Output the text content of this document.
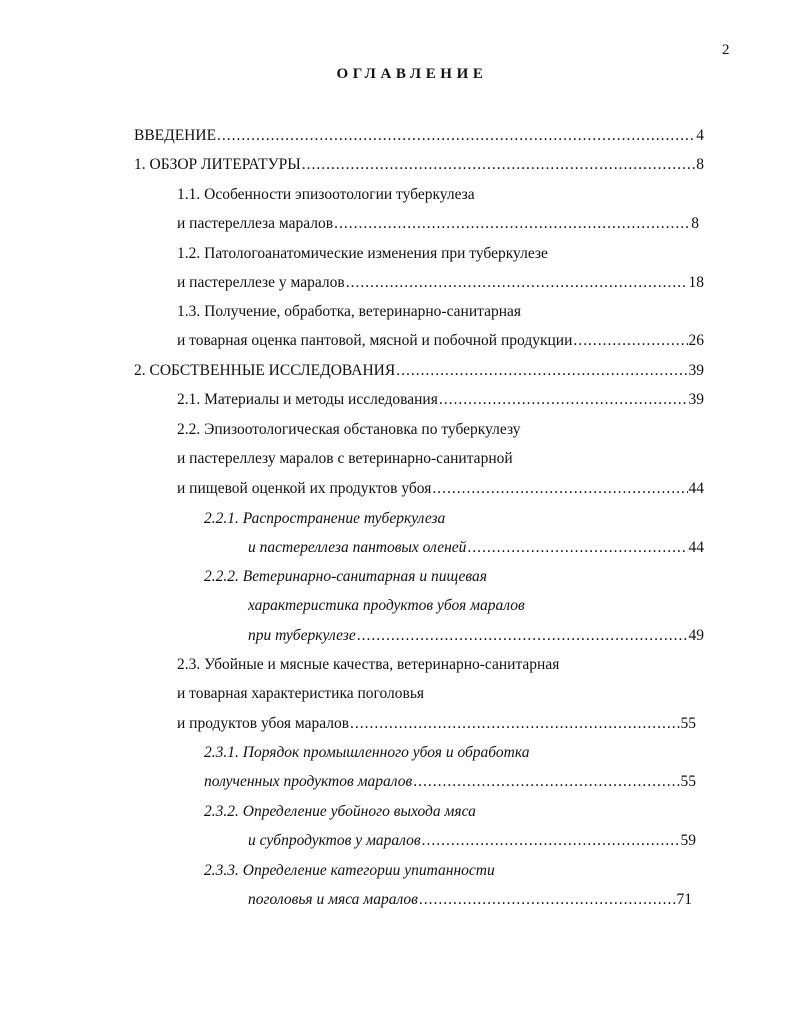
2
ОГЛАВЛЕНИЕ
ВВЕДЕНИЕ .....	4
1. ОБЗОР ЛИТЕРАТУРЫ .....	8
1.1. Особенности эпизоотологии туберкулеза
и пастереллеза маралов .....	8
1.2. Патологоанатомические изменения при туберкулезе
и пастереллезе у маралов .....	18
1.3. Получение, обработка, ветеринарно-санитарная
и товарная оценка пантовой, мясной и побочной продукции .....	26
2. СОБСТВЕННЫЕ ИССЛЕДОВАНИЯ .....	39
2.1. Материалы и методы исследования .....	39
2.2. Эпизоотологическая обстановка по туберкулезу
и пастереллезу маралов с ветеринарно-санитарной
и пищевой оценкой их продуктов убоя .....	44
2.2.1. Распространение туберкулеза
и пастереллеза пантовых оленей .....	44
2.2.2. Ветеринарно-санитарная и пищевая
характеристика продуктов убоя маралов
при туберкулезе .....	49
2.3. Убойные и мясные качества, ветеринарно-санитарная
и товарная характеристика поголовья
и продуктов убоя маралов .....	55
2.3.1. Порядок промышленного убоя и обработка
полученных продуктов маралов .....	55
2.3.2. Определение убойного выхода мяса
и субпродуктов у маралов .....	59
2.3.3. Определение категории упитанности
поголовья и мяса маралов .....	71
